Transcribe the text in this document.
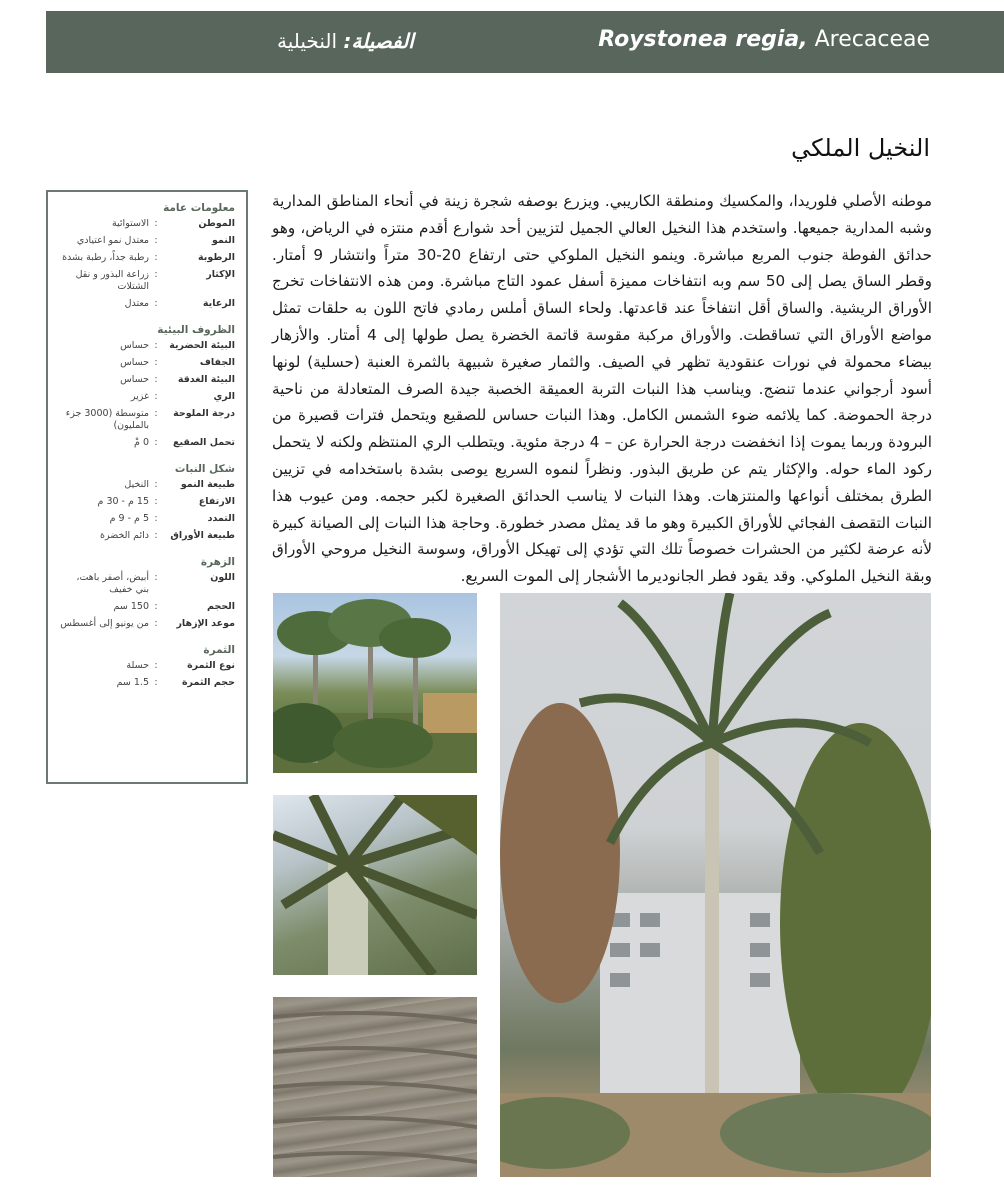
Roystonea regia, Arecaceae
الفصيلة: النخيلية
النخيل الملكي
موطنه الأصلي فلوريدا، والمكسيك ومنطقة الكاريبي. ويزرع بوصفه شجرة زينة في أنحاء المناطق المدارية وشبه المدارية جميعها. واستخدم هذا النخيل العالي الجميل لتزيين أحد شوارع أقدم منتزه في الرياض، وهو حدائق الفوطة جنوب المربع مباشرة. وينمو النخيل الملوكي حتى ارتفاع 20-30 متراً وانتشار 9 أمتار. وقطر الساق يصل إلى 50 سم وبه انتفاخات مميزة أسفل عمود التاج مباشرة. ومن هذه الانتفاخات تخرج الأوراق الريشية. والساق أقل انتفاخاً عند قاعدتها. ولحاء الساق أملس رمادي فاتح اللون به حلقات تمثل مواضع الأوراق التي تساقطت. والأوراق مركبة مقوسة قاتمة الخضرة يصل طولها إلى 4 أمتار. والأزهار بيضاء محمولة في نورات عنقودية تظهر في الصيف. والثمار صغيرة شبيهة بالثمرة العنبة (حسلية) لونها أسود أرجواني عندما تنضج. ويناسب هذا النبات التربة العميقة الخصبة جيدة الصرف المتعادلة من ناحية درجة الحموضة. كما يلائمه ضوء الشمس الكامل. وهذا النبات حساس للصقيع ويتحمل فترات قصيرة من البرودة وربما يموت إذا انخفضت درجة الحرارة عن – 4 درجة مئوية. ويتطلب الري المنتظم ولكنه لا يتحمل ركود الماء حوله. والإكثار يتم عن طريق البذور. ونظراً لنموه السريع يوصى بشدة باستخدامه في تزيين الطرق بمختلف أنواعها والمنتزهات. وهذا النبات لا يناسب الحدائق الصغيرة لكبر حجمه. ومن عيوب هذا النبات التقصف الفجائي للأوراق الكبيرة وهو ما قد يمثل مصدر خطورة. وحاجة هذا النبات إلى الصيانة كبيرة لأنه عرضة لكثير من الحشرات خصوصاً تلك التي تؤدي إلى تهيكل الأوراق، وسوسة النخيل مروحي الأوراق وبقة النخيل الملوكي. وقد يقود فطر الجانوديرما الأشجار إلى الموت السريع.
معلومات عامة
الموطن
:
الاستوائية
النمو
:
معتدل نمو اعتيادي
الرطوبة
:
رطبة جداً، رطبة بشدة
الإكثار
:
زراعة البذور و نقل الشتلات
الرعاية
:
معتدل
الظروف البيئية
البيئة الحضرية
:
حساس
الجفاف
:
حساس
البيئة الغدقة
:
حساس
الري
:
غزير
درجة الملوحة
:
متوسطة (3000 جزء بالمليون)
تحمل الصقيع
:
0 مْ
شكل النبات
طبيعة النمو
:
النخيل
الارتفاع
:
15 م - 30 م
التمدد
:
5 م - 9 م
طبيعة الأوراق
:
دائم الخضرة
الزهرة
اللون
:
أبيض، أصفر باهت، بني خفيف
الحجم
:
150 سم
موعد الإزهار
:
من يونيو إلى أغسطس
الثمرة
نوع الثمرة
:
حسلة
حجم الثمرة
:
1.5 سم
